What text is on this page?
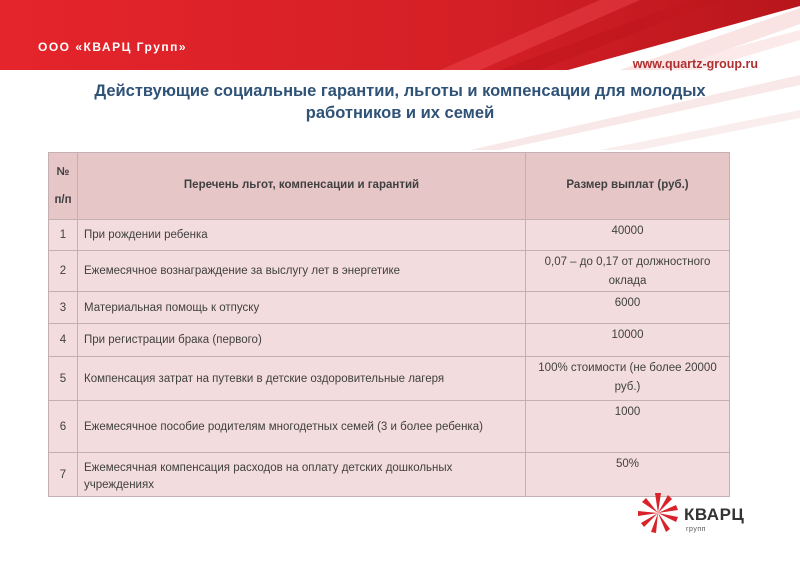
ООО «КВАРЦ Групп»
www.quartz-group.ru
Действующие социальные гарантии, льготы и компенсации для молодых
работников и их семей
№
п/п	Перечень льгот, компенсации и гарантий	Размер выплат (руб.)
1	При рождении ребенка	40000
2	Ежемесячное вознаграждение за выслугу лет в энергетике	0,07 – до 0,17 от должностного оклада
3	Материальная помощь к отпуску	6000
4	При регистрации брака (первого)	10000
5	Компенсация затрат на путевки в детские оздоровительные лагеря	100% стоимости (не более 20000 руб.)
6	Ежемесячное пособие родителям многодетных семей (3 и более ребенка)	1000
7	Ежемесячная компенсация расходов на оплату детских дошкольных учреждениях	50%
КВАРЦ
групп
